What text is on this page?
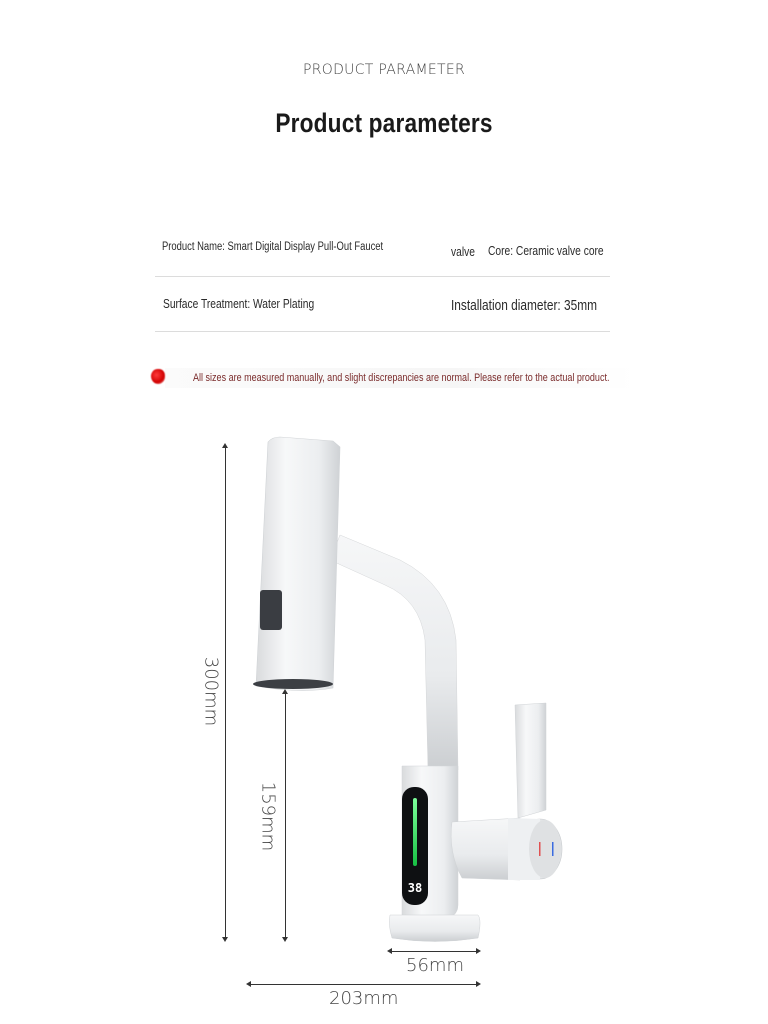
PRODUCT PARAMETER
Product parameters
Product Name: Smart Digital Display Pull-Out Faucet	valve Core: Ceramic valve core
Surface Treatment: Water Plating	Installation diameter: 35mm
All sizes are measured manually, and slight discrepancies are normal. Please refer to the actual product.
38
300mm
159mm
56mm
203mm
